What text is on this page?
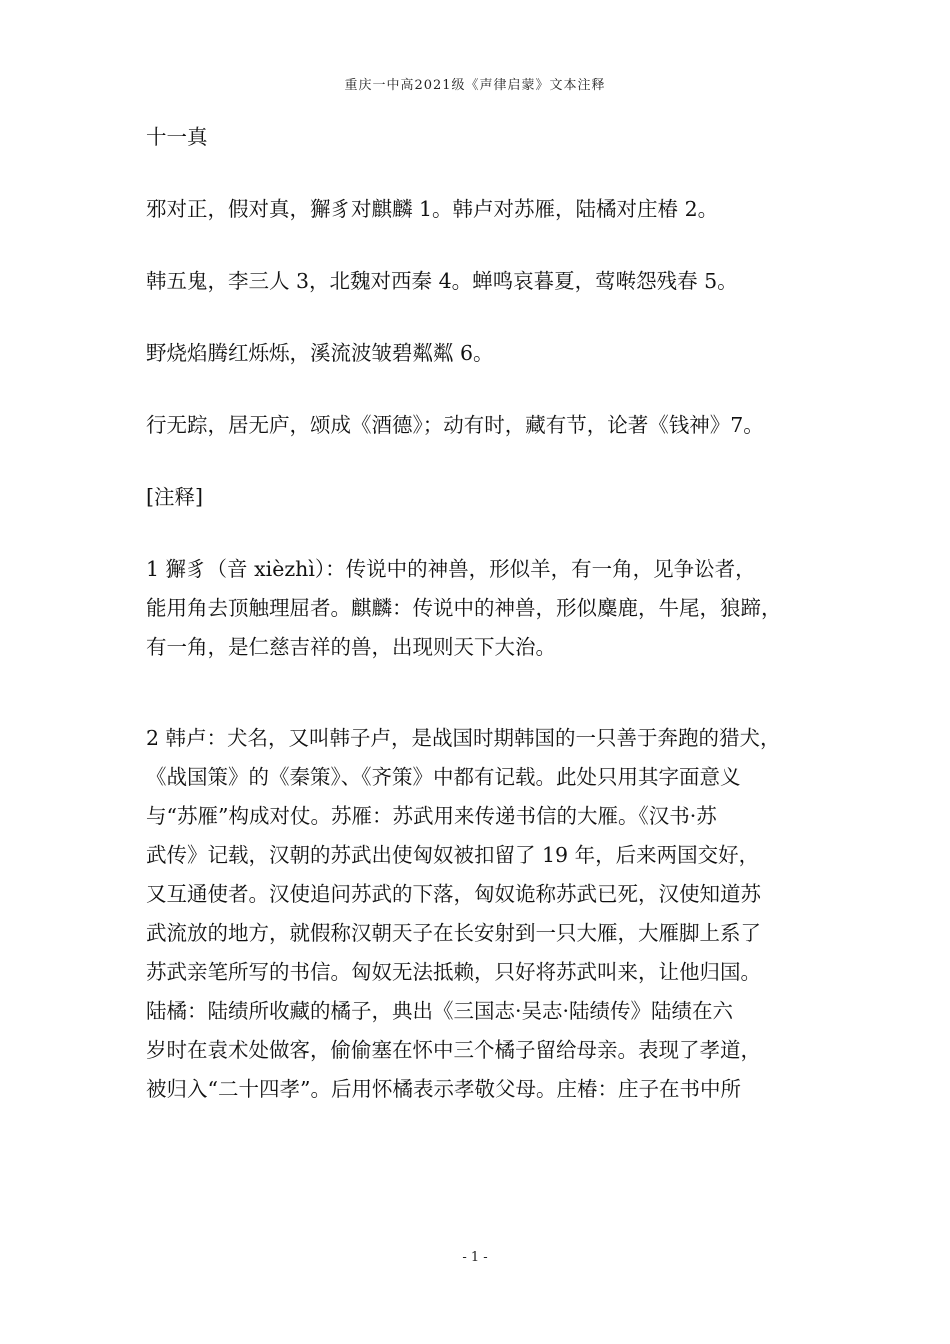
重庆一中高2021级《声律启蒙》文本注释
十一真
邪对正，假对真，獬豸对麒麟 1。韩卢对苏雁，陆橘对庄椿 2。
韩五鬼，李三人 3，北魏对西秦 4。蝉鸣哀暮夏，莺啭怨残春 5。
野烧焰腾红烁烁，溪流波皱碧粼粼 6。
行无踪，居无庐，颂成《酒德》；动有时，藏有节，论著《钱神》7。
[注释]
1 獬豸（音 xièzhì）：传说中的神兽，形似羊，有一角，见争讼者，
能用角去顶触理屈者。麒麟：传说中的神兽，形似麋鹿，牛尾，狼蹄，
有一角，是仁慈吉祥的兽，出现则天下大治。
2 韩卢：犬名，又叫韩子卢，是战国时期韩国的一只善于奔跑的猎犬，
《战国策》的《秦策》、《齐策》中都有记载。此处只用其字面意义
与“苏雁”构成对仗。苏雁：苏武用来传递书信的大雁。《汉书·苏
武传》记载，汉朝的苏武出使匈奴被扣留了 19 年，后来两国交好，
又互通使者。汉使追问苏武的下落，匈奴诡称苏武已死，汉使知道苏
武流放的地方，就假称汉朝天子在长安射到一只大雁，大雁脚上系了
苏武亲笔所写的书信。匈奴无法抵赖，只好将苏武叫来，让他归国。
陆橘：陆绩所收藏的橘子，典出《三国志·吴志·陆绩传》陆绩在六
岁时在袁术处做客，偷偷塞在怀中三个橘子留给母亲。表现了孝道，
被归入“二十四孝”。后用怀橘表示孝敬父母。庄椿：庄子在书中所
- 1 -
